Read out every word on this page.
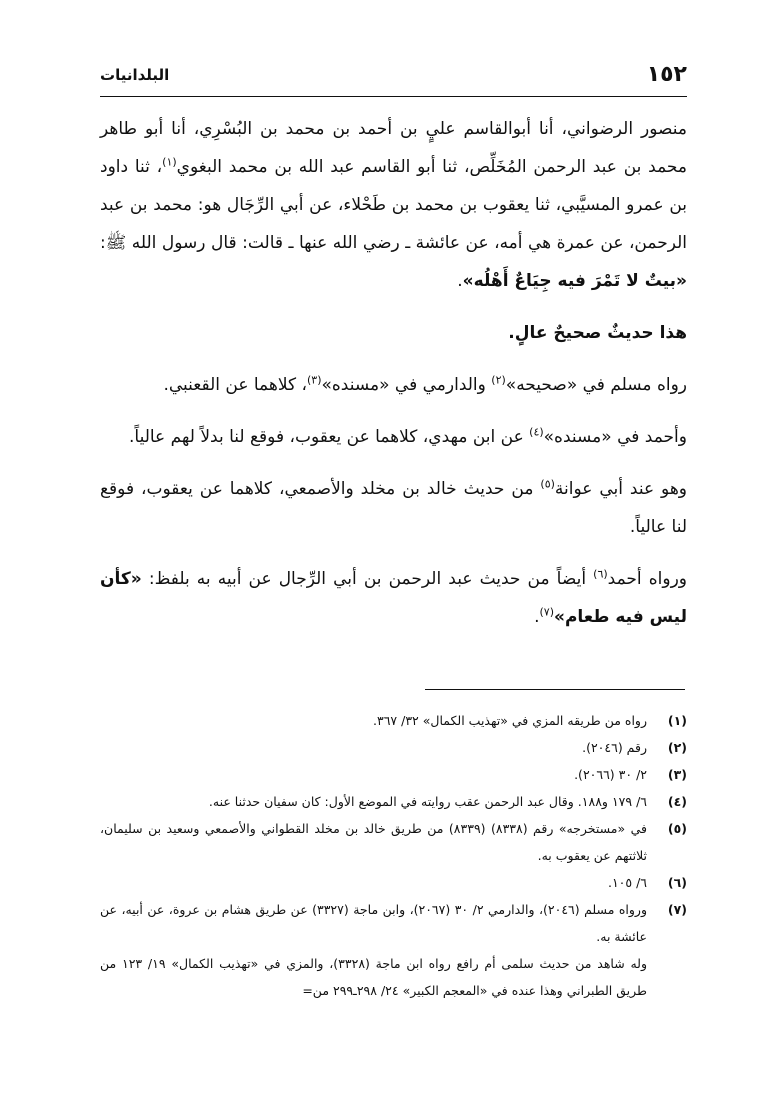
١٥٢
البلدانيات

منصور الرضواني، أنا أبوالقاسم عليٍ بن أحمد بن محمد بن البُسْرِي، أنا أبو طاهر محمد بن عبد الرحمن المُخَلِّص، ثنا أبو القاسم عبد الله بن محمد البغوي$^{(١)}$، ثنا داود بن عمرو المسيَّبي، ثنا يعقوب بن محمد بن طَحْلاء، عن أبي الرِّجَال هو: محمد بن عبد الرحمن، عن عمرة هي أمه، عن عائشة ـ رضي الله عنها ـ قالت: قال رسول الله ﷺ: «بيتٌ لا تَمْرَ فيه جِيَاعٌ أَهْلُه».

هذا حديثٌ صحيحٌ عالٍ.

رواه مسلم في «صحيحه»$^{(٢)}$ والدارمي في «مسنده»$^{(٣)}$، كلاهما عن القعنبي.

وأحمد في «مسنده»$^{(٤)}$ عن ابن مهدي، كلاهما عن يعقوب، فوقع لنا بدلاً لهم عالياً.

وهو عند أبي عوانة$^{(٥)}$ من حديث خالد بن مخلد والأصمعي، كلاهما عن يعقوب، فوقع لنا عالياً.

ورواه أحمد$^{(٦)}$ أيضاً من حديث عبد الرحمن بن أبي الرِّجال عن أبيه به بلفظ: «كأن ليس فيه طعام»$^{(٧)}$.

(١)
رواه من طريقه المزي في «تهذيب الكمال» ٣٢/ ٣٦٧.
(٢)
رقم (٢٠٤٦).
(٣)
٢/ ٣٠ (٢٠٦٦).
(٤)
٦/ ١٧٩ و١٨٨. وقال عبد الرحمن عقب روايته في الموضع الأول: كان سفيان حدثنا عنه.
(٥)
في «مستخرجه» رقم (٨٣٣٨) (٨٣٣٩) من طريق خالد بن مخلد القطواني والأصمعي وسعيد بن سليمان، ثلاثتهم عن يعقوب به.
(٦)
٦/ ١٠٥.
(٧)
ورواه مسلم (٢٠٤٦)، والدارمي ٢/ ٣٠ (٢٠٦٧)، وابن ماجة (٣٣٢٧) عن طريق هشام بن عروة، عن أبيه، عن عائشة به.
وله شاهد من حديث سلمى أم رافع رواه ابن ماجة (٣٣٢٨)، والمزي في «تهذيب الكمال» ١٩/ ١٢٣ من طريق الطبراني وهذا عنده في «المعجم الكبير» ٢٤/ ٢٩٨ـ٢٩٩ من=
